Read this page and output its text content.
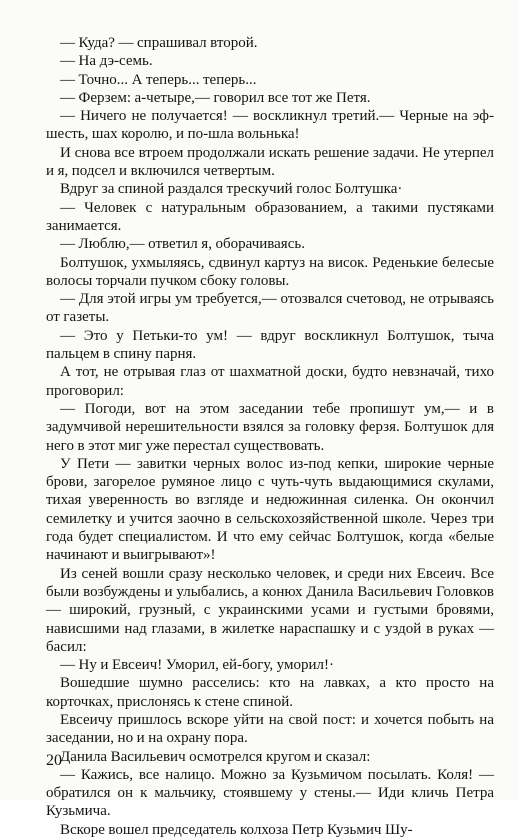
— Куда? — спрашивал второй.

— На дэ-семь.

— Точно... А теперь... теперь...

— Ферзем: а-четыре,— говорил все тот же Петя.

— Ничего не получается! — воскликнул третий.— Черные на эф-шесть, шах королю, и по-шла вольнька!

И снова все втроем продолжали искать решение задачи. Не утерпел и я, подсел и включился четвертым.

Вдруг за спиной раздался трескучий голос Болтушка·

— Человек с натуральным образованием, а такими пустяками занимается.

— Люблю,— ответил я, оборачиваясь.

Болтушок, ухмыляясь, сдвинул картуз на висок. Реденькие белесые волосы торчали пучком сбоку головы.

— Для этой игры ум требуется,— отозвался счетовод, не отрываясь от газеты.

— Это у Петьки-то ум! — вдруг воскликнул Болтушок, тыча пальцем в спину парня.

А тот, не отрывая глаз от шахматной доски, будто невзначай, тихо проговорил:

— Погоди, вот на этом заседании тебе пропишут ум,— и в задумчивой нерешительности взялся за головку ферзя. Болтушок для него в этот миг уже перестал существовать.

У Пети — завитки черных волос из-под кепки, широкие черные брови, загорелое румяное лицо с чуть-чуть выдающимися скулами, тихая уверенность во взгляде и недюжинная силенка. Он окончил семилетку и учится заочно в сельскохозяйственной школе. Через три года будет специалистом. И что ему сейчас Болтушок, когда «белые начинают и выигрывают»!

Из сеней вошли сразу несколько человек, и среди них Евсеич. Все были возбуждены и улыбались, а конюх Данила Васильевич Головков — широкий, грузный, с украинскими усами и густыми бровями, нависшими над глазами, в жилетке нараспашку и с уздой в руках — басил:

— Ну и Евсеич! Уморил, ей-богу, уморил!·

Вошедшие шумно расселись: кто на лавках, а кто просто на корточках, прислонясь к стене спиной.

Евсеичу пришлось вскоре уйти на свой пост: и хочется побыть на заседании, но и на охрану пора.

Данила Васильевич осмотрелся кругом и сказал:

— Кажись, все налицо. Можно за Кузьмичом посылать. Коля! — обратился он к мальчику, стоявшему у стены.— Иди кличь Петра Кузьмича.

Вскоре вошел председатель колхоза Петр Кузьмич Шу-

20
